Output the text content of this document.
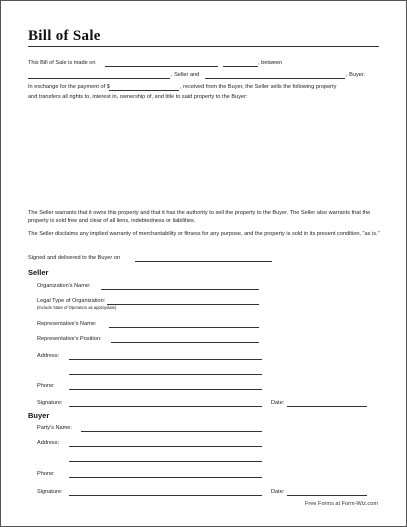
Bill of Sale
This Bill of Sale is made on	, between
, Seller and	, Buyer.
In exchange for the payment of $	, received from the Buyer, the Seller sells the following property
and transfers all rights to, interest in, ownership of, and title to said property to the Buyer:
The Seller warrants that it owns this property and that it has the authority to sell the property to the Buyer. The Seller also warrants that the property is sold free and clear of all liens, indebtedness or liabilities.
The Seller disclaims any implied warranty of merchantability or fitness for any purpose, and the property is sold in its present condition, "as is."
Signed and delivered to the Buyer on
Seller
Organization's Name:
Legal Type of Organization:
(Include State of Operation as appropriate)
Representative's Name:
Representative's Position:
Address:
Phone:
Signature:	Date:
Buyer
Party's Name:
Address:
Phone:
Signature:	Date:
Free Forms at Form-Wiz.com
